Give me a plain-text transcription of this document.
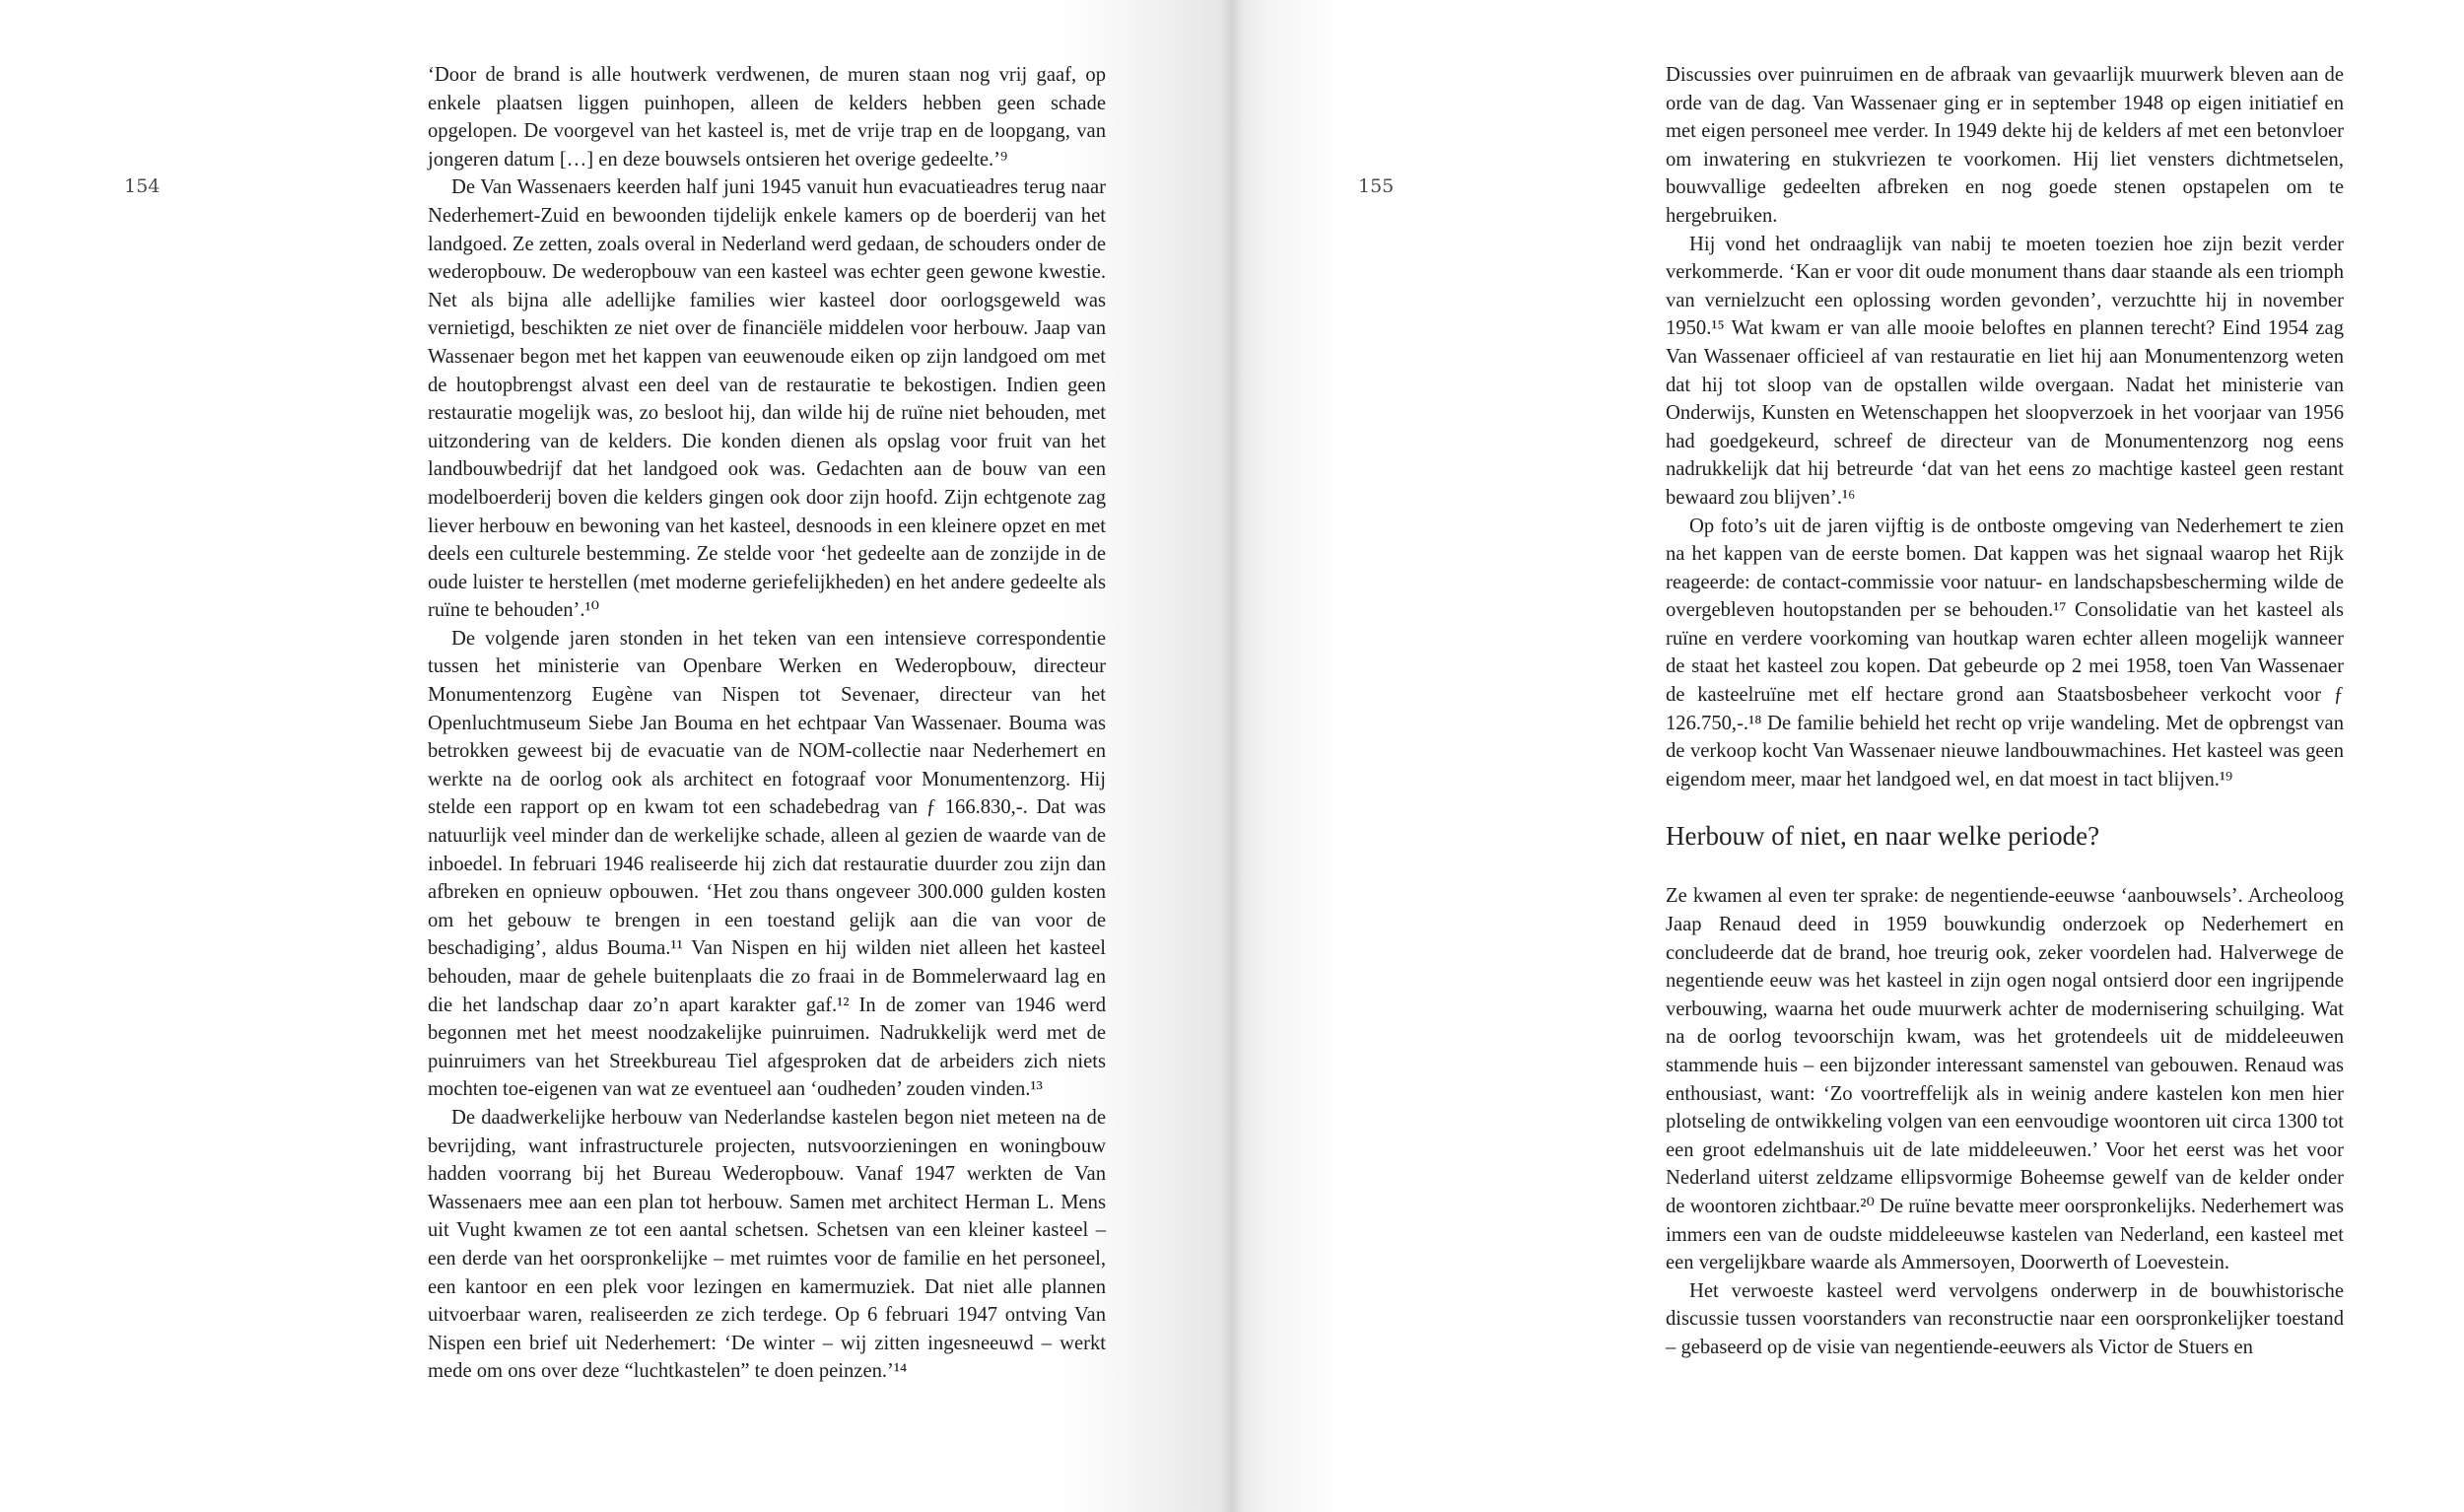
154

‘Door de brand is alle houtwerk verdwenen, de muren staan nog vrij gaaf, op enkele plaatsen liggen puinhopen, alleen de kelders hebben geen schade opgelopen. De voorgevel van het kasteel is, met de vrije trap en de loopgang, van jongeren datum […] en deze bouwsels ontsieren het overige gedeelte.’⁹

De Van Wassenaers keerden half juni 1945 vanuit hun evacuatieadres terug naar Nederhemert-Zuid en bewoonden tijdelijk enkele kamers op de boerderij van het landgoed. Ze zetten, zoals overal in Nederland werd gedaan, de schouders onder de wederopbouw. De wederopbouw van een kasteel was echter geen gewone kwestie. Net als bijna alle adellijke families wier kasteel door oorlogsgeweld was vernietigd, beschikten ze niet over de financiële middelen voor herbouw. Jaap van Wassenaer begon met het kappen van eeuwenoude eiken op zijn landgoed om met de houtopbrengst alvast een deel van de restauratie te bekostigen. Indien geen restauratie mogelijk was, zo besloot hij, dan wilde hij de ruïne niet behouden, met uitzondering van de kelders. Die konden dienen als opslag voor fruit van het landbouwbedrijf dat het landgoed ook was. Gedachten aan de bouw van een modelboerderij boven die kelders gingen ook door zijn hoofd. Zijn echtgenote zag liever herbouw en bewoning van het kasteel, desnoods in een kleinere opzet en met deels een culturele bestemming. Ze stelde voor ‘het gedeelte aan de zonzijde in de oude luister te herstellen (met moderne geriefelijkheden) en het andere gedeelte als ruïne te behouden’.¹⁰

De volgende jaren stonden in het teken van een intensieve correspondentie tussen het ministerie van Openbare Werken en Wederopbouw, directeur Monumentenzorg Eugène van Nispen tot Sevenaer, directeur van het Openluchtmuseum Siebe Jan Bouma en het echtpaar Van Wassenaer. Bouma was betrokken geweest bij de evacuatie van de NOM-collectie naar Nederhemert en werkte na de oorlog ook als architect en fotograaf voor Monumentenzorg. Hij stelde een rapport op en kwam tot een schadebedrag van ƒ 166.830,-. Dat was natuurlijk veel minder dan de werkelijke schade, alleen al gezien de waarde van de inboedel. In februari 1946 realiseerde hij zich dat restauratie duurder zou zijn dan afbreken en opnieuw opbouwen. ‘Het zou thans ongeveer 300.000 gulden kosten om het gebouw te brengen in een toestand gelijk aan die van voor de beschadiging’, aldus Bouma.¹¹ Van Nispen en hij wilden niet alleen het kasteel behouden, maar de gehele buitenplaats die zo fraai in de Bommelerwaard lag en die het landschap daar zo’n apart karakter gaf.¹² In de zomer van 1946 werd begonnen met het meest noodzakelijke puinruimen. Nadrukkelijk werd met de puinruimers van het Streekbureau Tiel afgesproken dat de arbeiders zich niets mochten toe-eigenen van wat ze eventueel aan ‘oudheden’ zouden vinden.¹³

De daadwerkelijke herbouw van Nederlandse kastelen begon niet meteen na de bevrijding, want infrastructurele projecten, nutsvoorzieningen en woningbouw hadden voorrang bij het Bureau Wederopbouw. Vanaf 1947 werkten de Van Wassenaers mee aan een plan tot herbouw. Samen met architect Herman L. Mens uit Vught kwamen ze tot een aantal schetsen. Schetsen van een kleiner kasteel – een derde van het oorspronkelijke – met ruimtes voor de familie en het personeel, een kantoor en een plek voor lezingen en kamermuziek. Dat niet alle plannen uitvoerbaar waren, realiseerden ze zich terdege. Op 6 februari 1947 ontving Van Nispen een brief uit Nederhemert: ‘De winter – wij zitten ingesneeuwd – werkt mede om ons over deze “luchtkastelen” te doen peinzen.’¹⁴

155

Discussies over puinruimen en de afbraak van gevaarlijk muurwerk bleven aan de orde van de dag. Van Wassenaer ging er in september 1948 op eigen initiatief en met eigen personeel mee verder. In 1949 dekte hij de kelders af met een betonvloer om inwatering en stukvriezen te voorkomen. Hij liet vensters dichtmetselen, bouwvallige gedeelten afbreken en nog goede stenen opstapelen om te hergebruiken.

Hij vond het ondraaglijk van nabij te moeten toezien hoe zijn bezit verder verkommerde. ‘Kan er voor dit oude monument thans daar staande als een triomph van vernielzucht een oplossing worden gevonden’, verzuchtte hij in november 1950.¹⁵ Wat kwam er van alle mooie beloftes en plannen terecht? Eind 1954 zag Van Wassenaer officieel af van restauratie en liet hij aan Monumentenzorg weten dat hij tot sloop van de opstallen wilde overgaan. Nadat het ministerie van Onderwijs, Kunsten en Wetenschappen het sloopverzoek in het voorjaar van 1956 had goedgekeurd, schreef de directeur van de Monumentenzorg nog eens nadrukkelijk dat hij betreurde ‘dat van het eens zo machtige kasteel geen restant bewaard zou blijven’.¹⁶

Op foto’s uit de jaren vijftig is de ontboste omgeving van Nederhemert te zien na het kappen van de eerste bomen. Dat kappen was het signaal waarop het Rijk reageerde: de contact-commissie voor natuur- en landschapsbescherming wilde de overgebleven houtopstanden per se behouden.¹⁷ Consolidatie van het kasteel als ruïne en verdere voorkoming van houtkap waren echter alleen mogelijk wanneer de staat het kasteel zou kopen. Dat gebeurde op 2 mei 1958, toen Van Wassenaer de kasteelruïne met elf hectare grond aan Staatsbosbeheer verkocht voor ƒ 126.750,-.¹⁸ De familie behield het recht op vrije wandeling. Met de opbrengst van de verkoop kocht Van Wassenaer nieuwe landbouwmachines. Het kasteel was geen eigendom meer, maar het landgoed wel, en dat moest in tact blijven.¹⁹

Herbouw of niet, en naar welke periode?

Ze kwamen al even ter sprake: de negentiende-eeuwse ‘aanbouwsels’. Archeoloog Jaap Renaud deed in 1959 bouwkundig onderzoek op Nederhemert en concludeerde dat de brand, hoe treurig ook, zeker voordelen had. Halverwege de negentiende eeuw was het kasteel in zijn ogen nogal ontsierd door een ingrijpende verbouwing, waarna het oude muurwerk achter de modernisering schuilging. Wat na de oorlog tevoorschijn kwam, was het grotendeels uit de middeleeuwen stammende huis – een bijzonder interessant samenstel van gebouwen. Renaud was enthousiast, want: ‘Zo voortreffelijk als in weinig andere kastelen kon men hier plotseling de ontwikkeling volgen van een eenvoudige woontoren uit circa 1300 tot een groot edelmanshuis uit de late middeleeuwen.’ Voor het eerst was het voor Nederland uiterst zeldzame ellipsvormige Boheemse gewelf van de kelder onder de woontoren zichtbaar.²⁰ De ruïne bevatte meer oorspronkelijks. Nederhemert was immers een van de oudste middeleeuwse kastelen van Nederland, een kasteel met een vergelijkbare waarde als Ammersoyen, Doorwerth of Loevestein.

Het verwoeste kasteel werd vervolgens onderwerp in de bouwhistorische discussie tussen voorstanders van reconstructie naar een oorspronkelijker toestand – gebaseerd op de visie van negentiende-eeuwers als Victor de Stuers en
